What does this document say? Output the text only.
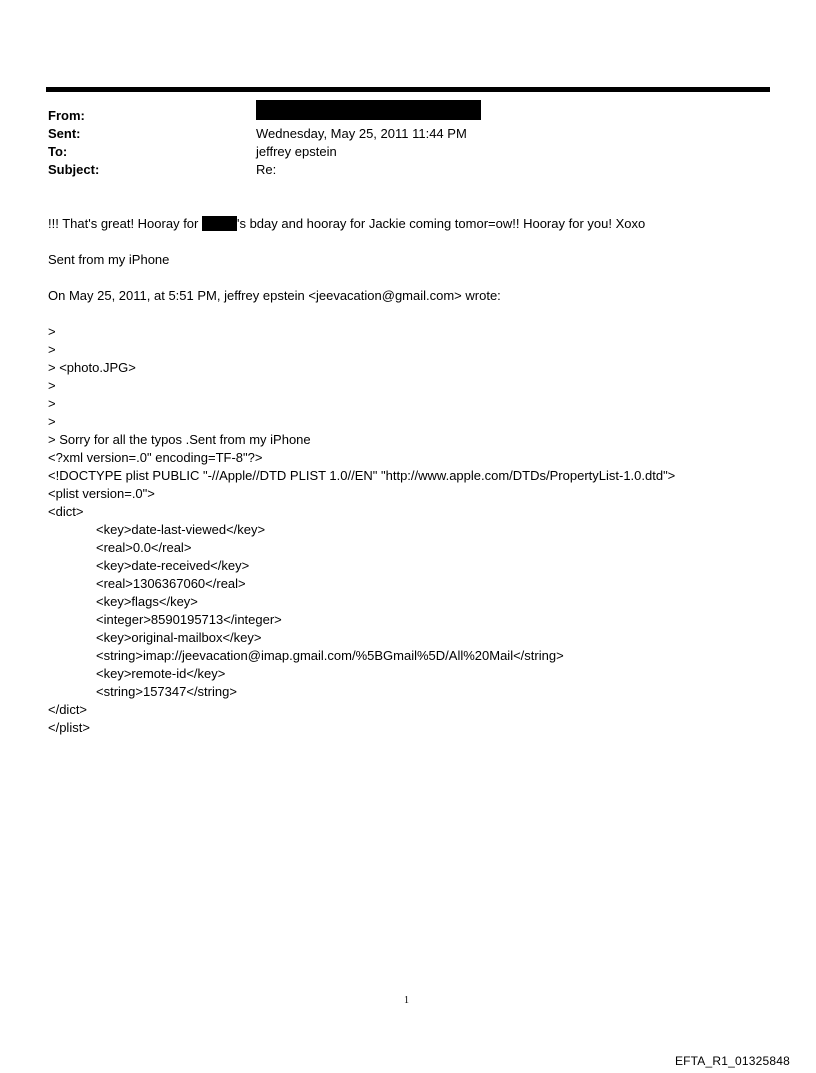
From:
Sent:
To:
Subject:
Wednesday, May 25, 2011 11:44 PM
jeffrey epstein
Re:
!!! That's great! Hooray for	's bday and hooray for Jackie coming tomor=ow!! Hooray for you! Xoxo
Sent from my iPhone
On May 25, 2011, at 5:51 PM, jeffrey epstein <jeevacation@gmail.com> wrote:
>
>
> <photo.JPG>
>
>
>
> Sorry for all the typos .Sent from my iPhone
<?xml version=.0" encoding=TF-8"?>
<!DOCTYPE plist PUBLIC "-//Apple//DTD PLIST 1.0//EN" "http://www.apple.com/DTDs/PropertyList-1.0.dtd">
<plist version=.0">
<dict>
<key>date-last-viewed</key>
<real>0.0</real>
<key>date-received</key>
<real>1306367060</real>
<key>flags</key>
<integer>8590195713</integer>
<key>original-mailbox</key>
<string>imap://jeevacation@imap.gmail.com/%5BGmail%5D/All%20Mail</string>
<key>remote-id</key>
<string>157347</string>
</dict>
</plist>
1
EFTA_R1_01325848
